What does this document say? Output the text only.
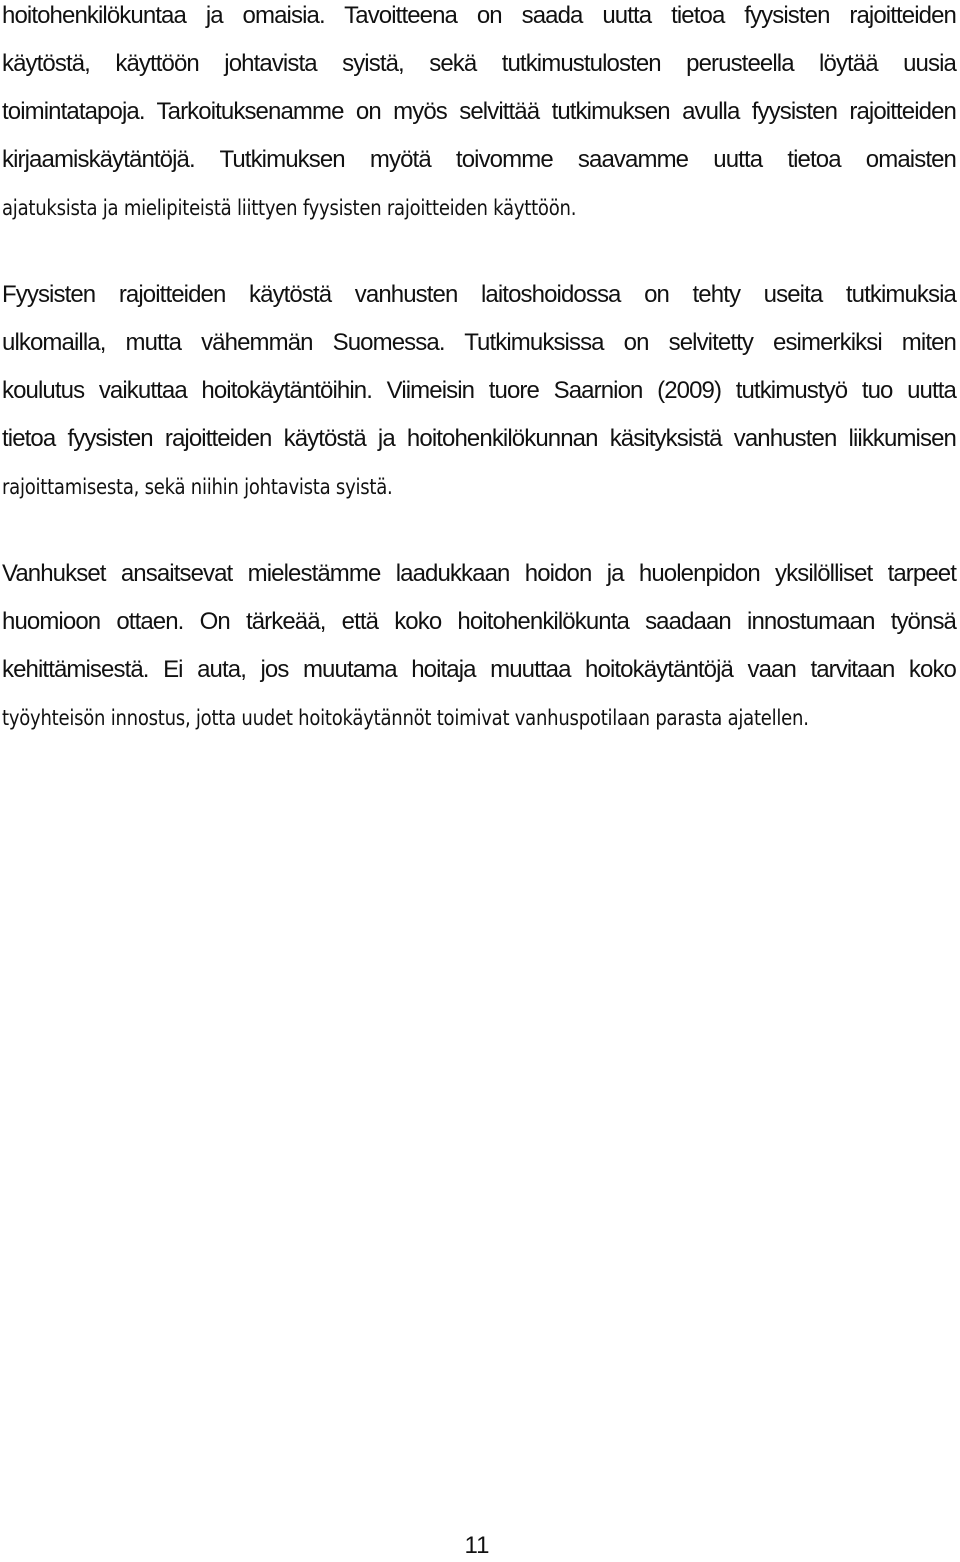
hoitohenkilökuntaa ja omaisia. Tavoitteena on saada uutta tietoa fyysisten rajoitteiden
käytöstä, käyttöön johtavista syistä, sekä tutkimustulosten perusteella löytää uusia
toimintatapoja. Tarkoituksenamme on myös selvittää tutkimuksen avulla fyysisten rajoitteiden
kirjaamiskäytäntöjä. Tutkimuksen myötä toivomme saavamme uutta tietoa omaisten
ajatuksista ja mielipiteistä liittyen fyysisten rajoitteiden käyttöön.
Fyysisten rajoitteiden käytöstä vanhusten laitoshoidossa on tehty useita tutkimuksia
ulkomailla, mutta vähemmän Suomessa. Tutkimuksissa on selvitetty esimerkiksi miten
koulutus vaikuttaa hoitokäytäntöihin. Viimeisin tuore Saarnion (2009) tutkimustyö tuo uutta
tietoa fyysisten rajoitteiden käytöstä ja hoitohenkilökunnan käsityksistä vanhusten liikkumisen
rajoittamisesta, sekä niihin johtavista syistä.
Vanhukset ansaitsevat mielestämme laadukkaan hoidon ja huolenpidon yksilölliset tarpeet
huomioon ottaen. On tärkeää, että koko hoitohenkilökunta saadaan innostumaan työnsä
kehittämisestä. Ei auta, jos muutama hoitaja muuttaa hoitokäytäntöjä vaan tarvitaan koko
työyhteisön innostus, jotta uudet hoitokäytännöt toimivat vanhuspotilaan parasta ajatellen.
11
